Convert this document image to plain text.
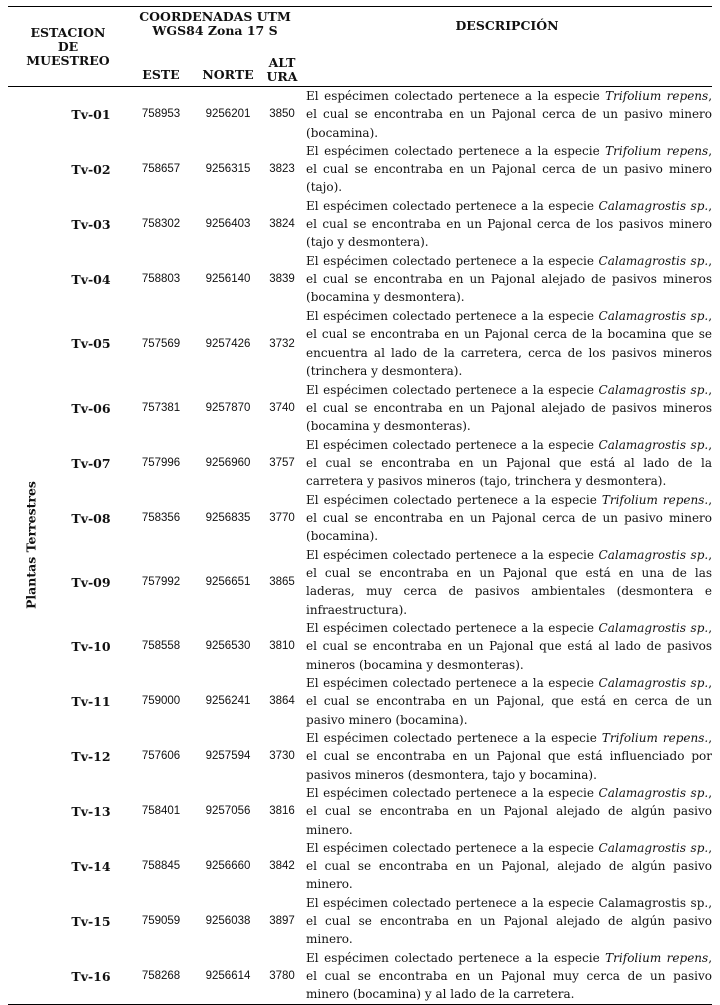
ESTACION
DE
MUESTREO		COORDENADAS UTM
WGS84 Zona 17 S			DESCRIPCIÓN
		ESTE	NORTE	ALT
URA	

Plantas Terrestres	Tv-01	758953	9256201	3850	El espécimen colectado pertenece a la especie Trifolium repens, el cual se encontraba en un Pajonal cerca de un pasivo minero (bocamina).
	Tv-02	758657	9256315	3823	El espécimen colectado pertenece a la especie Trifolium repens, el cual se encontraba en un Pajonal cerca de un pasivo minero (tajo).
	Tv-03	758302	9256403	3824	El espécimen colectado pertenece a la especie Calamagrostis sp., el cual se encontraba en un Pajonal cerca de los pasivos minero (tajo y desmontera).
	Tv-04	758803	9256140	3839	El espécimen colectado pertenece a la especie Calamagrostis sp., el cual se encontraba en un Pajonal alejado de pasivos mineros (bocamina y desmontera).
	Tv-05	757569	9257426	3732	El espécimen colectado pertenece a la especie Calamagrostis sp., el cual se encontraba en un Pajonal cerca de la bocamina que se encuentra al lado de la carretera, cerca de los pasivos mineros (trinchera y desmontera).
	Tv-06	757381	9257870	3740	El espécimen colectado pertenece a la especie Calamagrostis sp., el cual se encontraba en un Pajonal alejado de pasivos mineros (bocamina y desmonteras).
	Tv-07	757996	9256960	3757	El espécimen colectado pertenece a la especie Calamagrostis sp., el cual se encontraba en un Pajonal que está al lado de la carretera y pasivos mineros (tajo, trinchera y desmontera).
	Tv-08	758356	9256835	3770	El espécimen colectado pertenece a la especie Trifolium repens., el cual se encontraba en un Pajonal cerca de un pasivo minero (bocamina).
	Tv-09	757992	9256651	3865	El espécimen colectado pertenece a la especie Calamagrostis sp., el cual se encontraba en un Pajonal que está en una de las laderas, muy cerca de pasivos ambientales (desmontera e infraestructura).
	Tv-10	758558	9256530	3810	El espécimen colectado pertenece a la especie Calamagrostis sp., el cual se encontraba en un Pajonal que está al lado de pasivos mineros (bocamina y desmonteras).
	Tv-11	759000	9256241	3864	El espécimen colectado pertenece a la especie Calamagrostis sp., el cual se encontraba en un Pajonal, que está en cerca de un pasivo minero (bocamina).
	Tv-12	757606	9257594	3730	El espécimen colectado pertenece a la especie Trifolium repens., el cual se encontraba en un Pajonal que está influenciado por pasivos mineros (desmontera, tajo y bocamina).
	Tv-13	758401	9257056	3816	El espécimen colectado pertenece a la especie Calamagrostis sp., el cual se encontraba en un Pajonal alejado de algún pasivo minero.
	Tv-14	758845	9256660	3842	El espécimen colectado pertenece a la especie Calamagrostis sp., el cual se encontraba en un Pajonal, alejado de algún pasivo minero.
	Tv-15	759059	9256038	3897	El espécimen colectado pertenece a la especie Calamagrostis sp., el cual se encontraba en un Pajonal alejado de algún pasivo minero.
	Tv-16	758268	9256614	3780	El espécimen colectado pertenece a la especie Trifolium repens, el cual se encontraba en un Pajonal muy cerca de un pasivo minero (bocamina) y al lado de la carretera.
